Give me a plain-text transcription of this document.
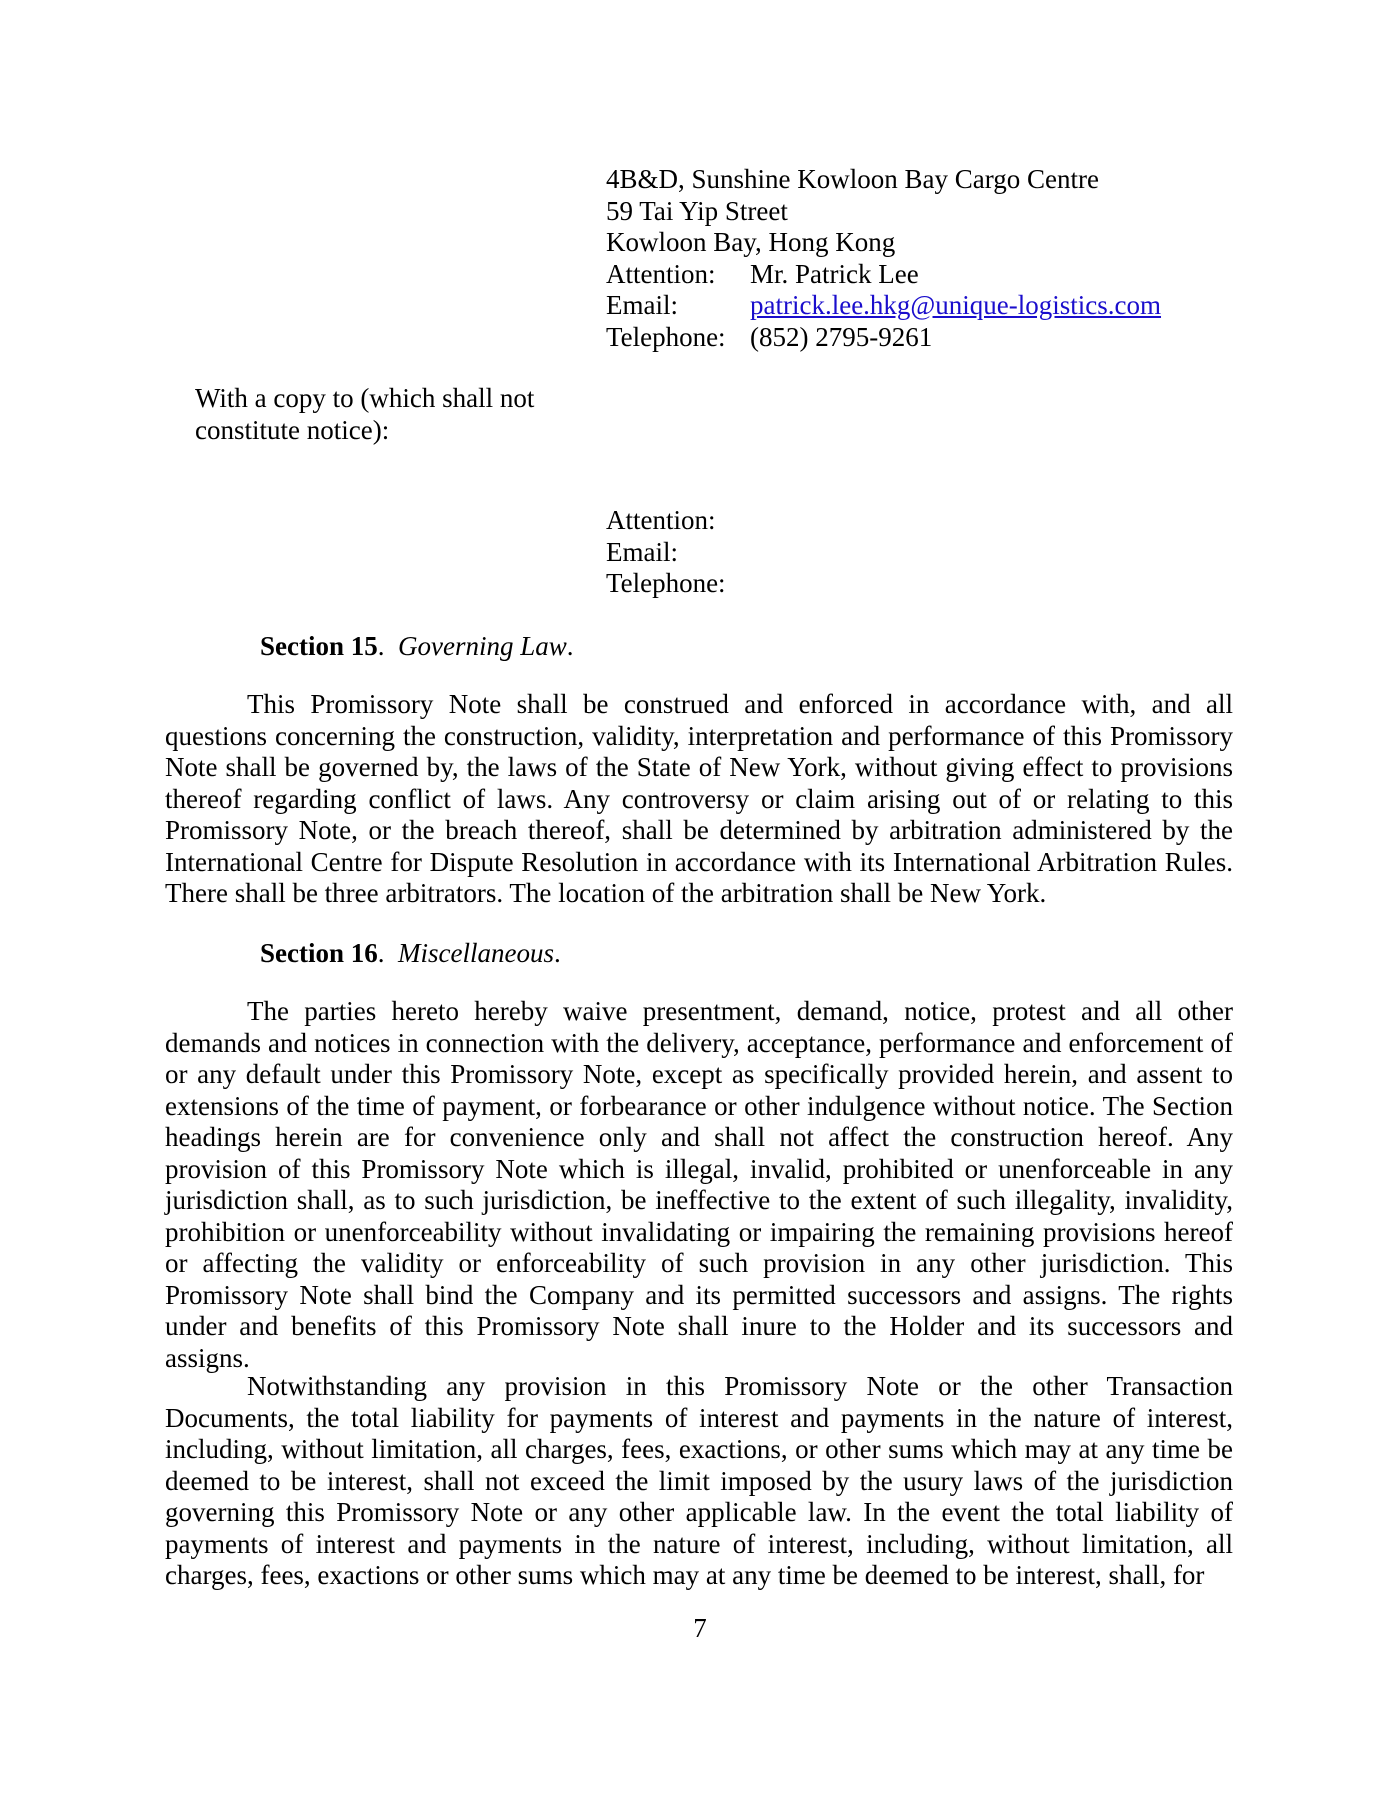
4B&D, Sunshine Kowloon Bay Cargo Centre
59 Tai Yip Street
Kowloon Bay, Hong Kong
Attention:	Mr. Patrick Lee
Email:	patrick.lee.hkg@unique-logistics.com
Telephone: (852) 2795-9261
With a copy to (which shall not constitute notice):
Attention:
Email:
Telephone:
Section 15.  Governing Law.

This Promissory Note shall be construed and enforced in accordance with, and all questions concerning the construction, validity, interpretation and performance of this Promissory Note shall be governed by, the laws of the State of New York, without giving effect to provisions thereof regarding conflict of laws. Any controversy or claim arising out of or relating to this Promissory Note, or the breach thereof, shall be determined by arbitration administered by the International Centre for Dispute Resolution in accordance with its International Arbitration Rules. There shall be three arbitrators. The location of the arbitration shall be New York.

Section 16.  Miscellaneous.

The parties hereto hereby waive presentment, demand, notice, protest and all other demands and notices in connection with the delivery, acceptance, performance and enforcement of or any default under this Promissory Note, except as specifically provided herein, and assent to extensions of the time of payment, or forbearance or other indulgence without notice. The Section headings herein are for convenience only and shall not affect the construction hereof. Any provision of this Promissory Note which is illegal, invalid, prohibited or unenforceable in any jurisdiction shall, as to such jurisdiction, be ineffective to the extent of such illegality, invalidity, prohibition or unenforceability without invalidating or impairing the remaining provisions hereof or affecting the validity or enforceability of such provision in any other jurisdiction. This Promissory Note shall bind the Company and its permitted successors and assigns. The rights under and benefits of this Promissory Note shall inure to the Holder and its successors and assigns.

Notwithstanding any provision in this Promissory Note or the other Transaction Documents, the total liability for payments of interest and payments in the nature of interest, including, without limitation, all charges, fees, exactions, or other sums which may at any time be deemed to be interest, shall not exceed the limit imposed by the usury laws of the jurisdiction governing this Promissory Note or any other applicable law. In the event the total liability of payments of interest and payments in the nature of interest, including, without limitation, all charges, fees, exactions or other sums which may at any time be deemed to be interest, shall, for

7
